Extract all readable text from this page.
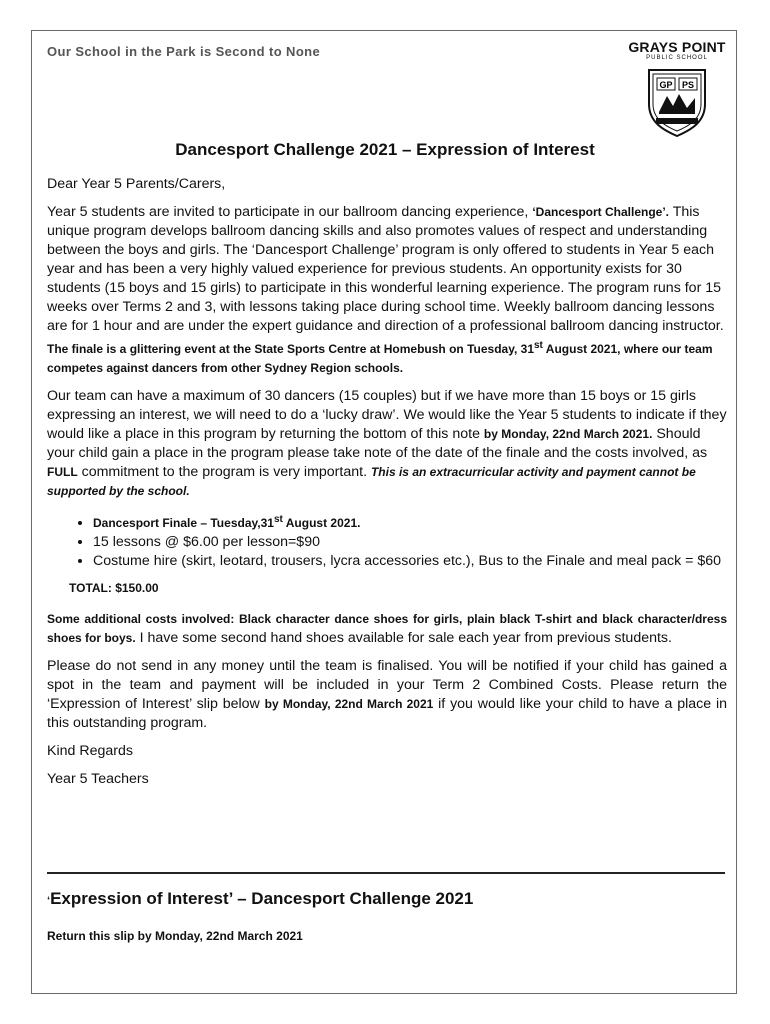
Our School in the Park is Second to None	GRAYS POINT
PUBLIC SCHOOL
GP PS
Dancesport Challenge 2021 – Expression of Interest

Dear Year 5 Parents/Carers,

Year 5 students are invited to participate in our ballroom dancing experience, ‘Dancesport Challenge’. This unique program develops ballroom dancing skills and also promotes values of respect and understanding between the boys and girls. The ‘Dancesport Challenge’ program is only offered to students in Year 5 each year and has been a very highly valued experience for previous students. An opportunity exists for 30 students (15 boys and 15 girls) to participate in this wonderful learning experience. The program runs for 15 weeks over Terms 2 and 3, with lessons taking place during school time. Weekly ballroom dancing lessons are for 1 hour and are under the expert guidance and direction of a professional ballroom dancing instructor. The finale is a glittering event at the State Sports Centre at Homebush on Tuesday, 31st August 2021, where our team competes against dancers from other Sydney Region schools.

Our team can have a maximum of 30 dancers (15 couples) but if we have more than 15 boys or 15 girls expressing an interest, we will need to do a ‘lucky draw’. We would like the Year 5 students to indicate if they would like a place in this program by returning the bottom of this note by Monday, 22nd March 2021. Should your child gain a place in the program please take note of the date of the finale and the costs involved, as FULL commitment to the program is very important. This is an extracurricular activity and payment cannot be supported by the school.

• Dancesport Finale – Tuesday,31st August 2021.
• 15 lessons @ $6.00 per lesson=$90
• Costume hire (skirt, leotard, trousers, lycra accessories etc.), Bus to the Finale and meal pack = $60
TOTAL: $150.00

Some additional costs involved: Black character dance shoes for girls, plain black T-shirt and black character/dress shoes for boys. I have some second hand shoes available for sale each year from previous students.

Please do not send in any money until the team is finalised. You will be notified if your child has gained a spot in the team and payment will be included in your Term 2 Combined Costs. Please return the ‘Expression of Interest’ slip below by Monday, 22nd March 2021 if you would like your child to have a place in this outstanding program.

Kind Regards

Year 5 Teachers

‘Expression of Interest’ – Dancesport Challenge 2021
Return this slip by Monday, 22nd March 2021
